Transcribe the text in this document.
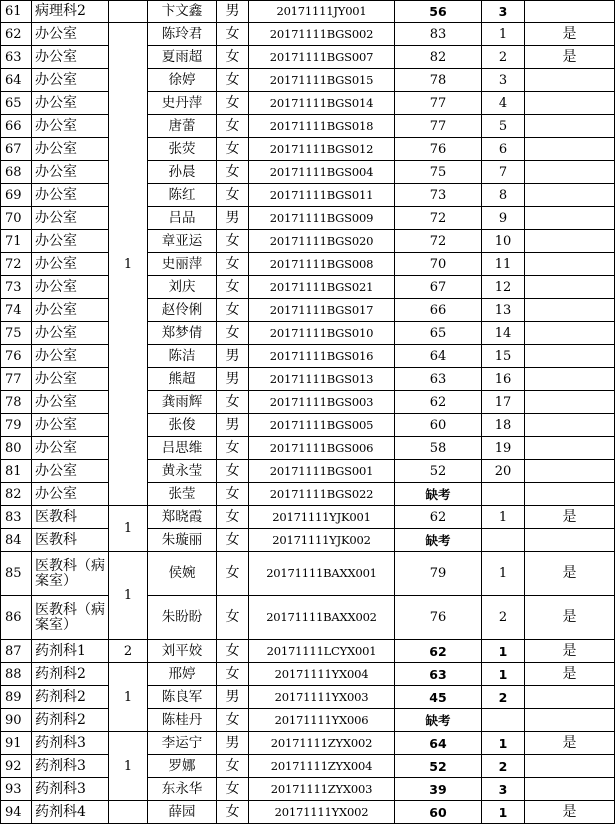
61	病理科2		卞文鑫	男	20171111JY001	56	3	
62	办公室	1	陈玲君	女	20171111BGS002	83	1	是
63	办公室		夏雨超	女	20171111BGS007	82	2	是
64	办公室		徐婷	女	20171111BGS015	78	3	
65	办公室		史丹萍	女	20171111BGS014	77	4	
66	办公室		唐蕾	女	20171111BGS018	77	5	
67	办公室		张荧	女	20171111BGS012	76	6	
68	办公室		孙晨	女	20171111BGS004	75	7	
69	办公室		陈红	女	20171111BGS011	73	8	
70	办公室		吕品	男	20171111BGS009	72	9	
71	办公室		章亚运	女	20171111BGS020	72	10	
72	办公室		史丽萍	女	20171111BGS008	70	11	
73	办公室		刘庆	女	20171111BGS021	67	12	
74	办公室		赵伶俐	女	20171111BGS017	66	13	
75	办公室		郑梦倩	女	20171111BGS010	65	14	
76	办公室		陈洁	男	20171111BGS016	64	15	
77	办公室		熊超	男	20171111BGS013	63	16	
78	办公室		龚雨辉	女	20171111BGS003	62	17	
79	办公室		张俊	男	20171111BGS005	60	18	
80	办公室		吕思维	女	20171111BGS006	58	19	
81	办公室		黄永莹	女	20171111BGS001	52	20	
82	办公室		张莹	女	20171111BGS022	缺考		
83	医教科	1	郑晓霞	女	20171111YJK001	62	1	是
84	医教科		朱璇丽	女	20171111YJK002	缺考		
85	医教科（病案室）	1	侯婉	女	20171111BAXX001	79	1	是
86	医教科（病案室）		朱盼盼	女	20171111BAXX002	76	2	是
87	药剂科1	2	刘平姣	女	20171111LCYX001	62	1	是
88	药剂科2	1	邢婷	女	20171111YX004	63	1	是
89	药剂科2		陈良军	男	20171111YX003	45	2	
90	药剂科2		陈桂丹	女	20171111YX006	缺考		
91	药剂科3	1	李运宁	男	20171111ZYX002	64	1	是
92	药剂科3		罗娜	女	20171111ZYX004	52	2	
93	药剂科3		东永华	女	20171111ZYX003	39	3	
94	药剂科4		薛园	女	20171111YX002	60	1	是
